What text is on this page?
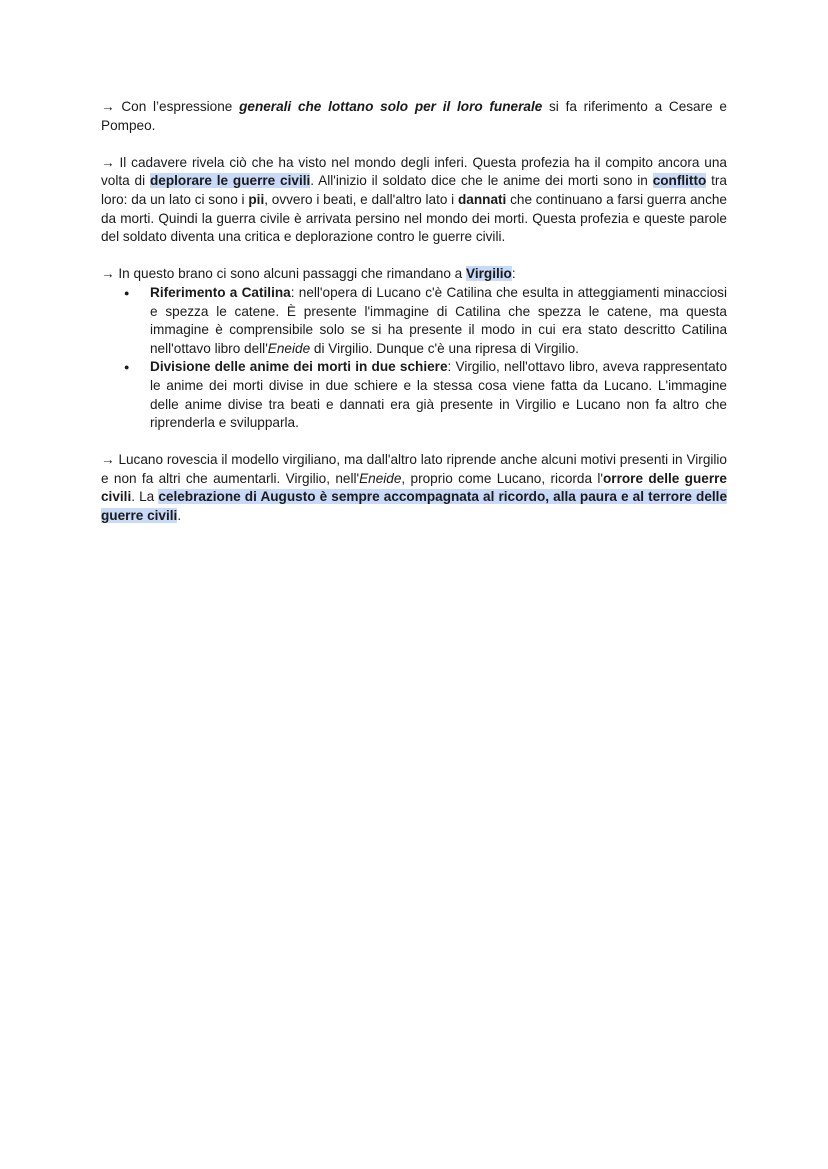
→ Con l’espressione generali che lottano solo per il loro funerale si fa riferimento a Cesare e Pompeo.

→ Il cadavere rivela ciò che ha visto nel mondo degli inferi. Questa profezia ha il compito ancora una volta di deplorare le guerre civili. All'inizio il soldato dice che le anime dei morti sono in conflitto tra loro: da un lato ci sono i pii, ovvero i beati, e dall'altro lato i dannati che continuano a farsi guerra anche da morti. Quindi la guerra civile è arrivata persino nel mondo dei morti. Questa profezia e queste parole del soldato diventa una critica e deplorazione contro le guerre civili.

→ In questo brano ci sono alcuni passaggi che rimandano a Virgilio:

● Riferimento a Catilina: nell'opera di Lucano c'è Catilina che esulta in atteggiamenti minacciosi e spezza le catene. È presente l'immagine di Catilina che spezza le catene, ma questa immagine è comprensibile solo se si ha presente il modo in cui era stato descritto Catilina nell'ottavo libro dell'Eneide di Virgilio. Dunque c'è una ripresa di Virgilio.
● Divisione delle anime dei morti in due schiere: Virgilio, nell'ottavo libro, aveva rappresentato le anime dei morti divise in due schiere e la stessa cosa viene fatta da Lucano. L'immagine delle anime divise tra beati e dannati era già presente in Virgilio e Lucano non fa altro che riprenderla e svilupparla.

→ Lucano rovescia il modello virgiliano, ma dall'altro lato riprende anche alcuni motivi presenti in Virgilio e non fa altri che aumentarli. Virgilio, nell'Eneide, proprio come Lucano, ricorda l'orrore delle guerre civili. La celebrazione di Augusto è sempre accompagnata al ricordo, alla paura e al terrore delle guerre civili.
